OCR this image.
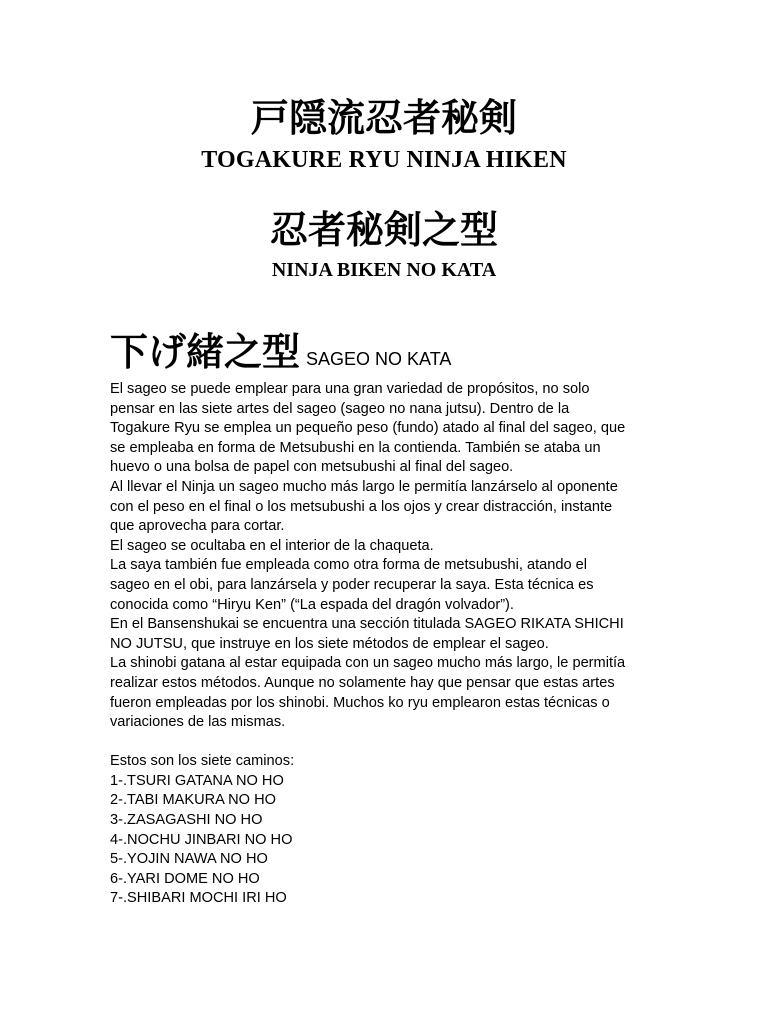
戸隠流忍者秘剣
TOGAKURE RYU NINJA HIKEN
忍者秘剣之型
NINJA BIKEN NO KATA
下げ緒之型 SAGEO NO KATA
El sageo se puede emplear para una gran variedad de propósitos, no solo
pensar en las siete artes del sageo (sageo no nana jutsu). Dentro de la
Togakure Ryu se emplea un pequeño peso (fundo) atado al final del sageo, que
se empleaba en forma de Metsubushi en la contienda. También se ataba un
huevo o una bolsa de papel con metsubushi al final del sageo.
Al llevar el Ninja un sageo mucho más largo le permitía lanzárselo al oponente
con el peso en el final o los metsubushi a los ojos y crear distracción, instante
que aprovecha para cortar.
El sageo se ocultaba en el interior de la chaqueta.
La saya también fue empleada como otra forma de metsubushi, atando el
sageo en el obi, para lanzársela y poder recuperar la saya. Esta técnica es
conocida como “Hiryu Ken” (“La espada del dragón volvador”).
En el Bansenshukai se encuentra una sección titulada SAGEO RIKATA SHICHI
NO JUTSU, que instruye en los siete métodos de emplear el sageo.
La shinobi gatana al estar equipada con un sageo mucho más largo, le permitía
realizar estos métodos. Aunque no solamente hay que pensar que estas artes
fueron empleadas por los shinobi. Muchos ko ryu emplearon estas técnicas o
variaciones de las mismas.
Estos son los siete caminos:
1-.TSURI GATANA NO HO
2-.TABI MAKURA NO HO
3-.ZASAGASHI NO HO
4-.NOCHU JINBARI NO HO
5-.YOJIN NAWA NO HO
6-.YARI DOME NO HO
7-.SHIBARI MOCHI IRI HO
